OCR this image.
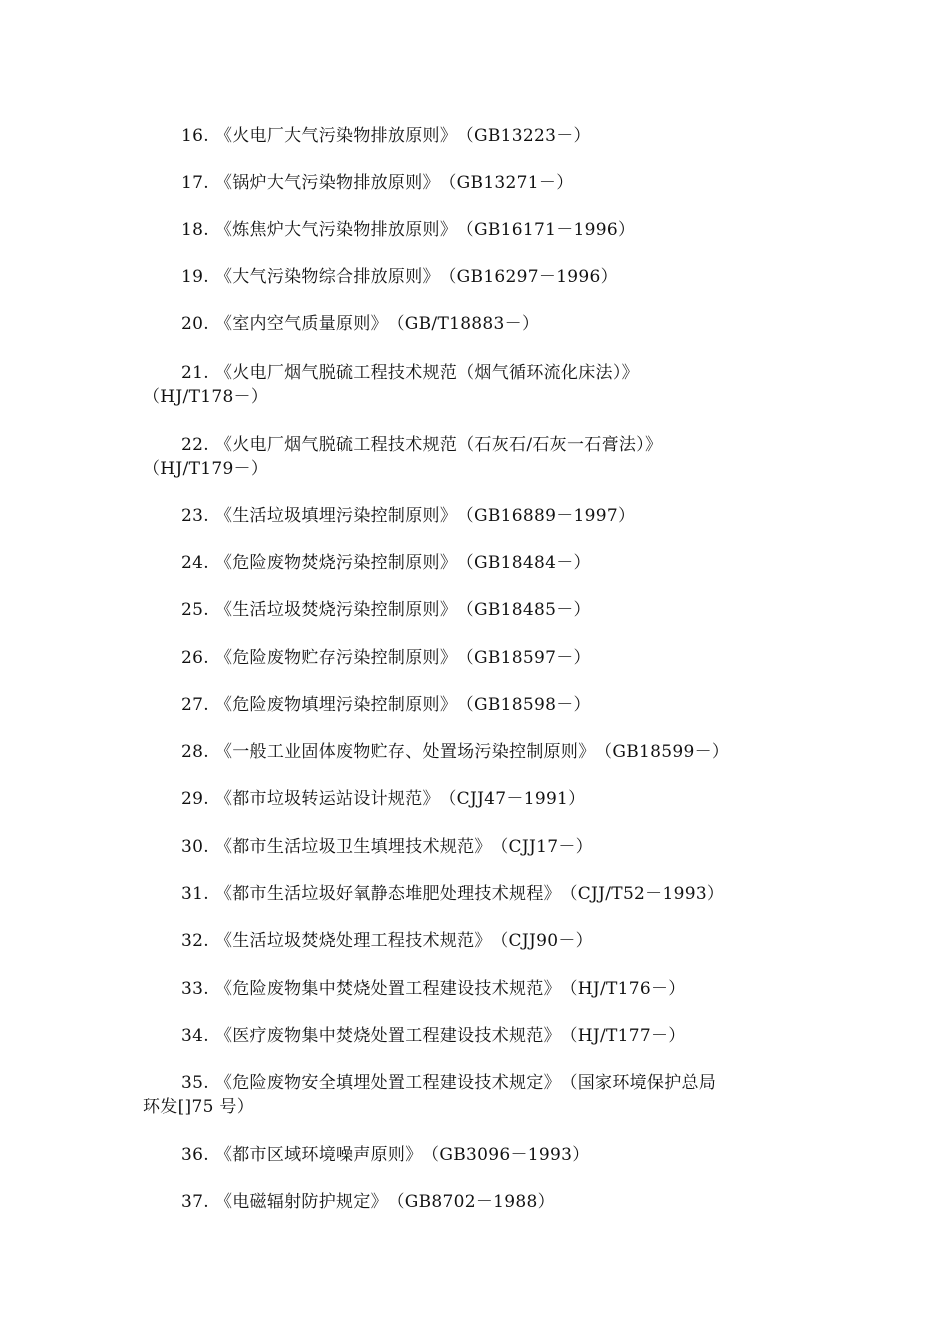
16. 《火电厂大气污染物排放原则》 （GB13223－）
17. 《锅炉大气污染物排放原则》 （GB13271－）
18. 《炼焦炉大气污染物排放原则》 （GB16171－1996）
19. 《大气污染物综合排放原则》 （GB16297－1996）
20. 《室内空气质量原则》 （GB/T18883－）
21. 《火电厂烟气脱硫工程技术规范（烟气循环流化床法）》
（HJ/T178－）
22. 《火电厂烟气脱硫工程技术规范（石灰石/石灰一石膏法）》
（HJ/T179－）
23. 《生活垃圾填埋污染控制原则》 （GB16889－1997）
24. 《危险废物焚烧污染控制原则》 （GB18484－）
25. 《生活垃圾焚烧污染控制原则》 （GB18485－）
26. 《危险废物贮存污染控制原则》 （GB18597－）
27. 《危险废物填埋污染控制原则》 （GB18598－）
28. 《一般工业固体废物贮存、处置场污染控制原则》 （GB18599－）
29. 《都市垃圾转运站设计规范》 （CJJ47－1991）
30. 《都市生活垃圾卫生填埋技术规范》 （CJJ17－）
31. 《都市生活垃圾好氧静态堆肥处理技术规程》 （CJJ/T52－1993）
32. 《生活垃圾焚烧处理工程技术规范》 （CJJ90－）
33. 《危险废物集中焚烧处置工程建设技术规范》 （HJ/T176－）
34. 《医疗废物集中焚烧处置工程建设技术规范》 （HJ/T177－）
35. 《危险废物安全填埋处置工程建设技术规定》 （国家环境保护总局
环发[]75 号）
36. 《都市区域环境噪声原则》 （GB3096－1993）
37. 《电磁辐射防护规定》 （GB8702－1988）
